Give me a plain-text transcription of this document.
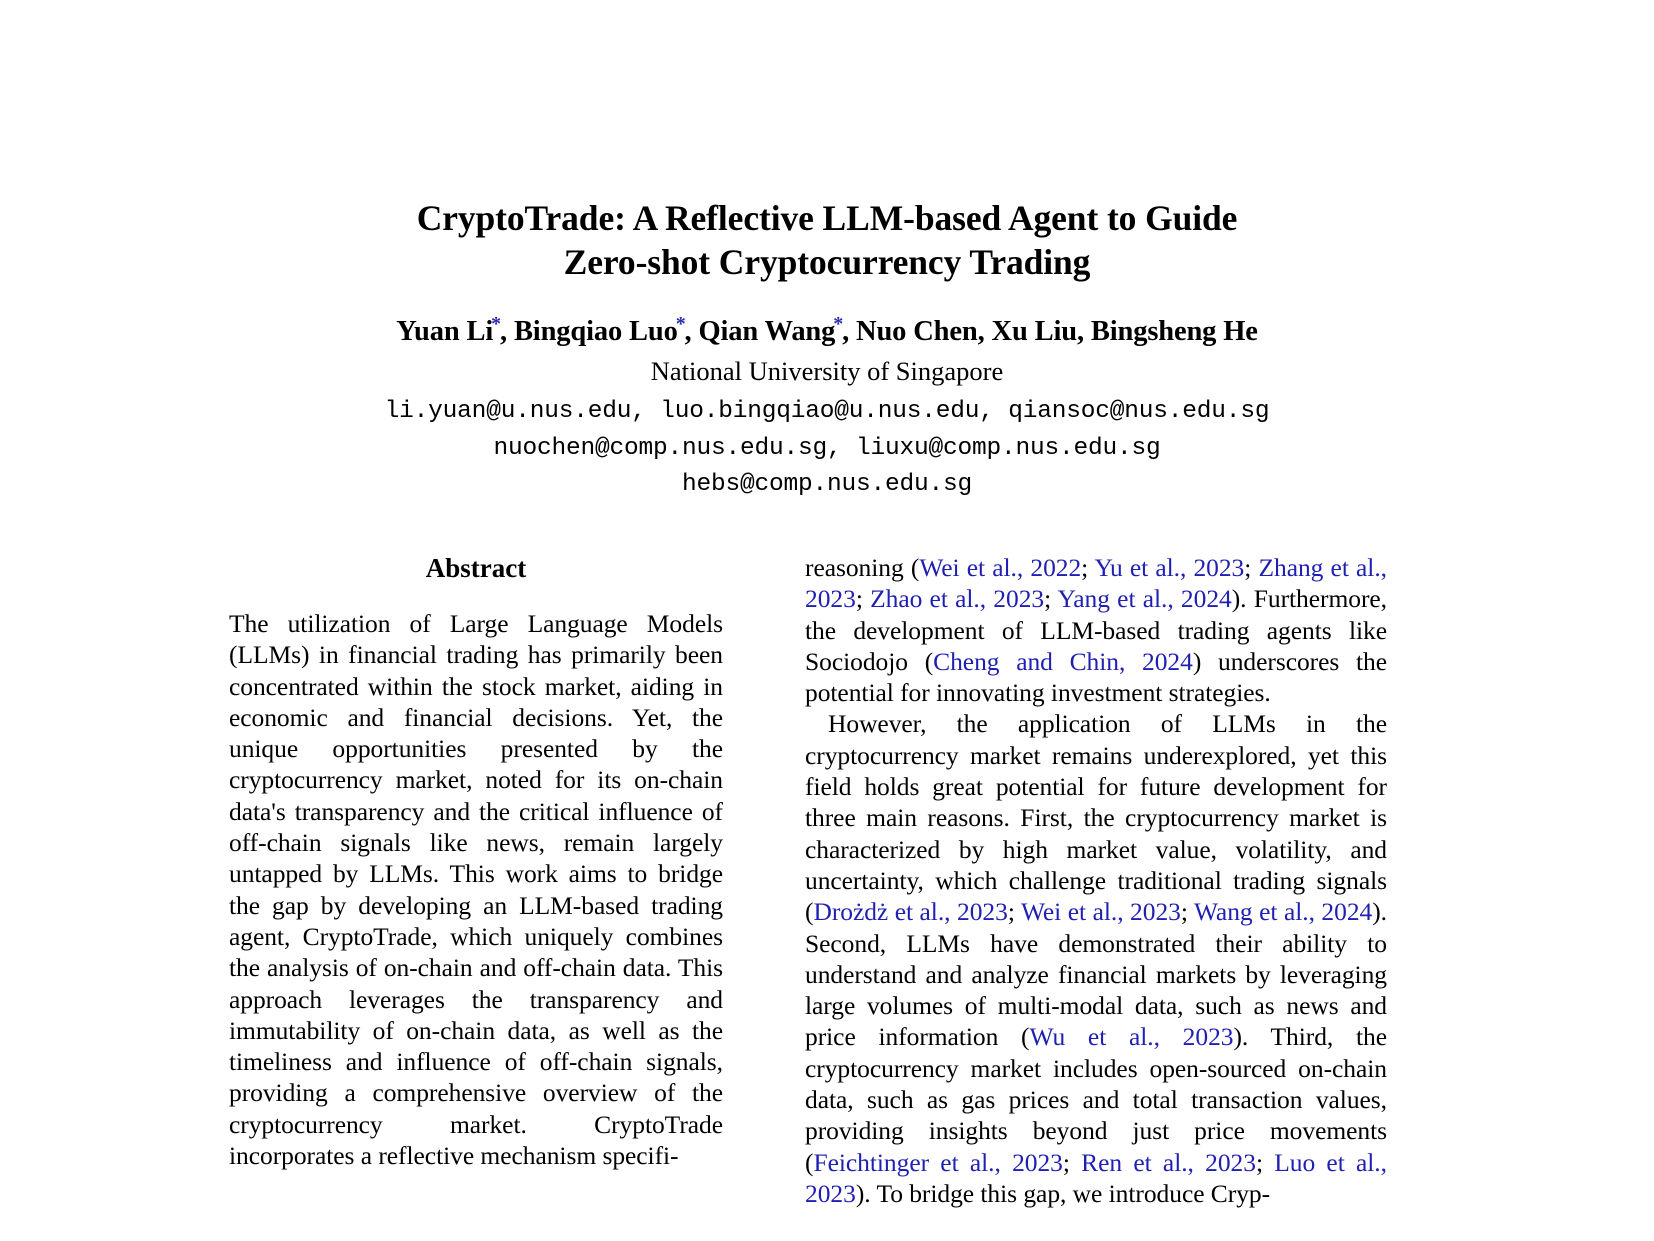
CryptoTrade: A Reflective LLM-based Agent to Guide
Zero-shot Cryptocurrency Trading
Yuan Li*, Bingqiao Luo*, Qian Wang*, Nuo Chen, Xu Liu, Bingsheng He
National University of Singapore
li.yuan@u.nus.edu, luo.bingqiao@u.nus.edu, qiansoc@nus.edu.sg
nuochen@comp.nus.edu.sg, liuxu@comp.nus.edu.sg
hebs@comp.nus.edu.sg
Abstract

The utilization of Large Language Models (LLMs) in financial trading has primarily been concentrated within the stock market, aiding in economic and financial decisions. Yet, the unique opportunities presented by the cryptocurrency market, noted for its on-chain data's transparency and the critical influence of off-chain signals like news, remain largely untapped by LLMs. This work aims to bridge the gap by developing an LLM-based trading agent, CryptoTrade, which uniquely combines the analysis of on-chain and off-chain data. This approach leverages the transparency and immutability of on-chain data, as well as the timeliness and influence of off-chain signals, providing a comprehensive overview of the cryptocurrency market. CryptoTrade incorporates a reflective mechanism specifi-

reasoning (Wei et al., 2022; Yu et al., 2023; Zhang et al., 2023; Zhao et al., 2023; Yang et al., 2024). Furthermore, the development of LLM-based trading agents like Sociodojo (Cheng and Chin, 2024) underscores the potential for innovating investment strategies.

However, the application of LLMs in the cryptocurrency market remains underexplored, yet this field holds great potential for future development for three main reasons. First, the cryptocurrency market is characterized by high market value, volatility, and uncertainty, which challenge traditional trading signals (Drożdż et al., 2023; Wei et al., 2023; Wang et al., 2024). Second, LLMs have demonstrated their ability to understand and analyze financial markets by leveraging large volumes of multi-modal data, such as news and price information (Wu et al., 2023). Third, the cryptocurrency market includes open-sourced on-chain data, such as gas prices and total transaction values, providing insights beyond just price movements (Feichtinger et al., 2023; Ren et al., 2023; Luo et al., 2023). To bridge this gap, we introduce Cryp-
